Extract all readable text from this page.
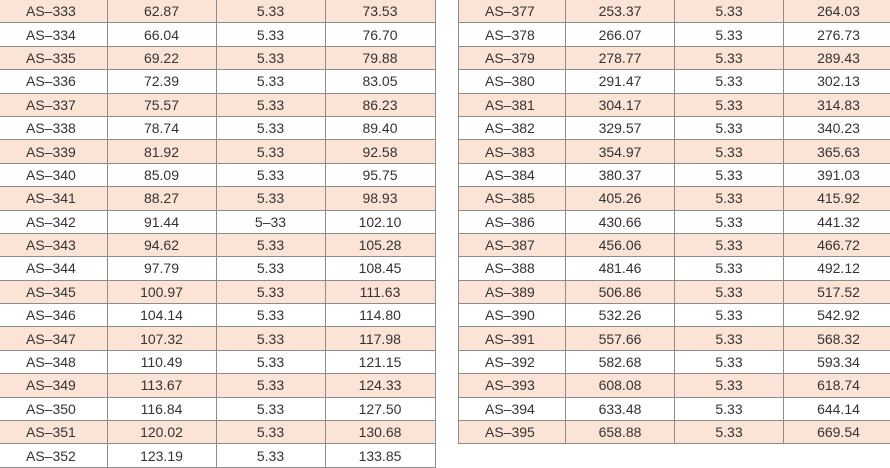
AS–333	62.87	5.33	73.53
AS–334	66.04	5.33	76.70
AS–335	69.22	5.33	79.88
AS–336	72.39	5.33	83.05
AS–337	75.57	5.33	86.23
AS–338	78.74	5.33	89.40
AS–339	81.92	5.33	92.58
AS–340	85.09	5.33	95.75
AS–341	88.27	5.33	98.93
AS–342	91.44	5–33	102.10
AS–343	94.62	5.33	105.28
AS–344	97.79	5.33	108.45
AS–345	100.97	5.33	111.63
AS–346	104.14	5.33	114.80
AS–347	107.32	5.33	117.98
AS–348	110.49	5.33	121.15
AS–349	113.67	5.33	124.33
AS–350	116.84	5.33	127.50
AS–351	120.02	5.33	130.68
AS–352	123.19	5.33	133.85
AS–377	253.37	5.33	264.03
AS–378	266.07	5.33	276.73
AS–379	278.77	5.33	289.43
AS–380	291.47	5.33	302.13
AS–381	304.17	5.33	314.83
AS–382	329.57	5.33	340.23
AS–383	354.97	5.33	365.63
AS–384	380.37	5.33	391.03
AS–385	405.26	5.33	415.92
AS–386	430.66	5.33	441.32
AS–387	456.06	5.33	466.72
AS–388	481.46	5.33	492.12
AS–389	506.86	5.33	517.52
AS–390	532.26	5.33	542.92
AS–391	557.66	5.33	568.32
AS–392	582.68	5.33	593.34
AS–393	608.08	5.33	618.74
AS–394	633.48	5.33	644.14
AS–395	658.88	5.33	669.54
